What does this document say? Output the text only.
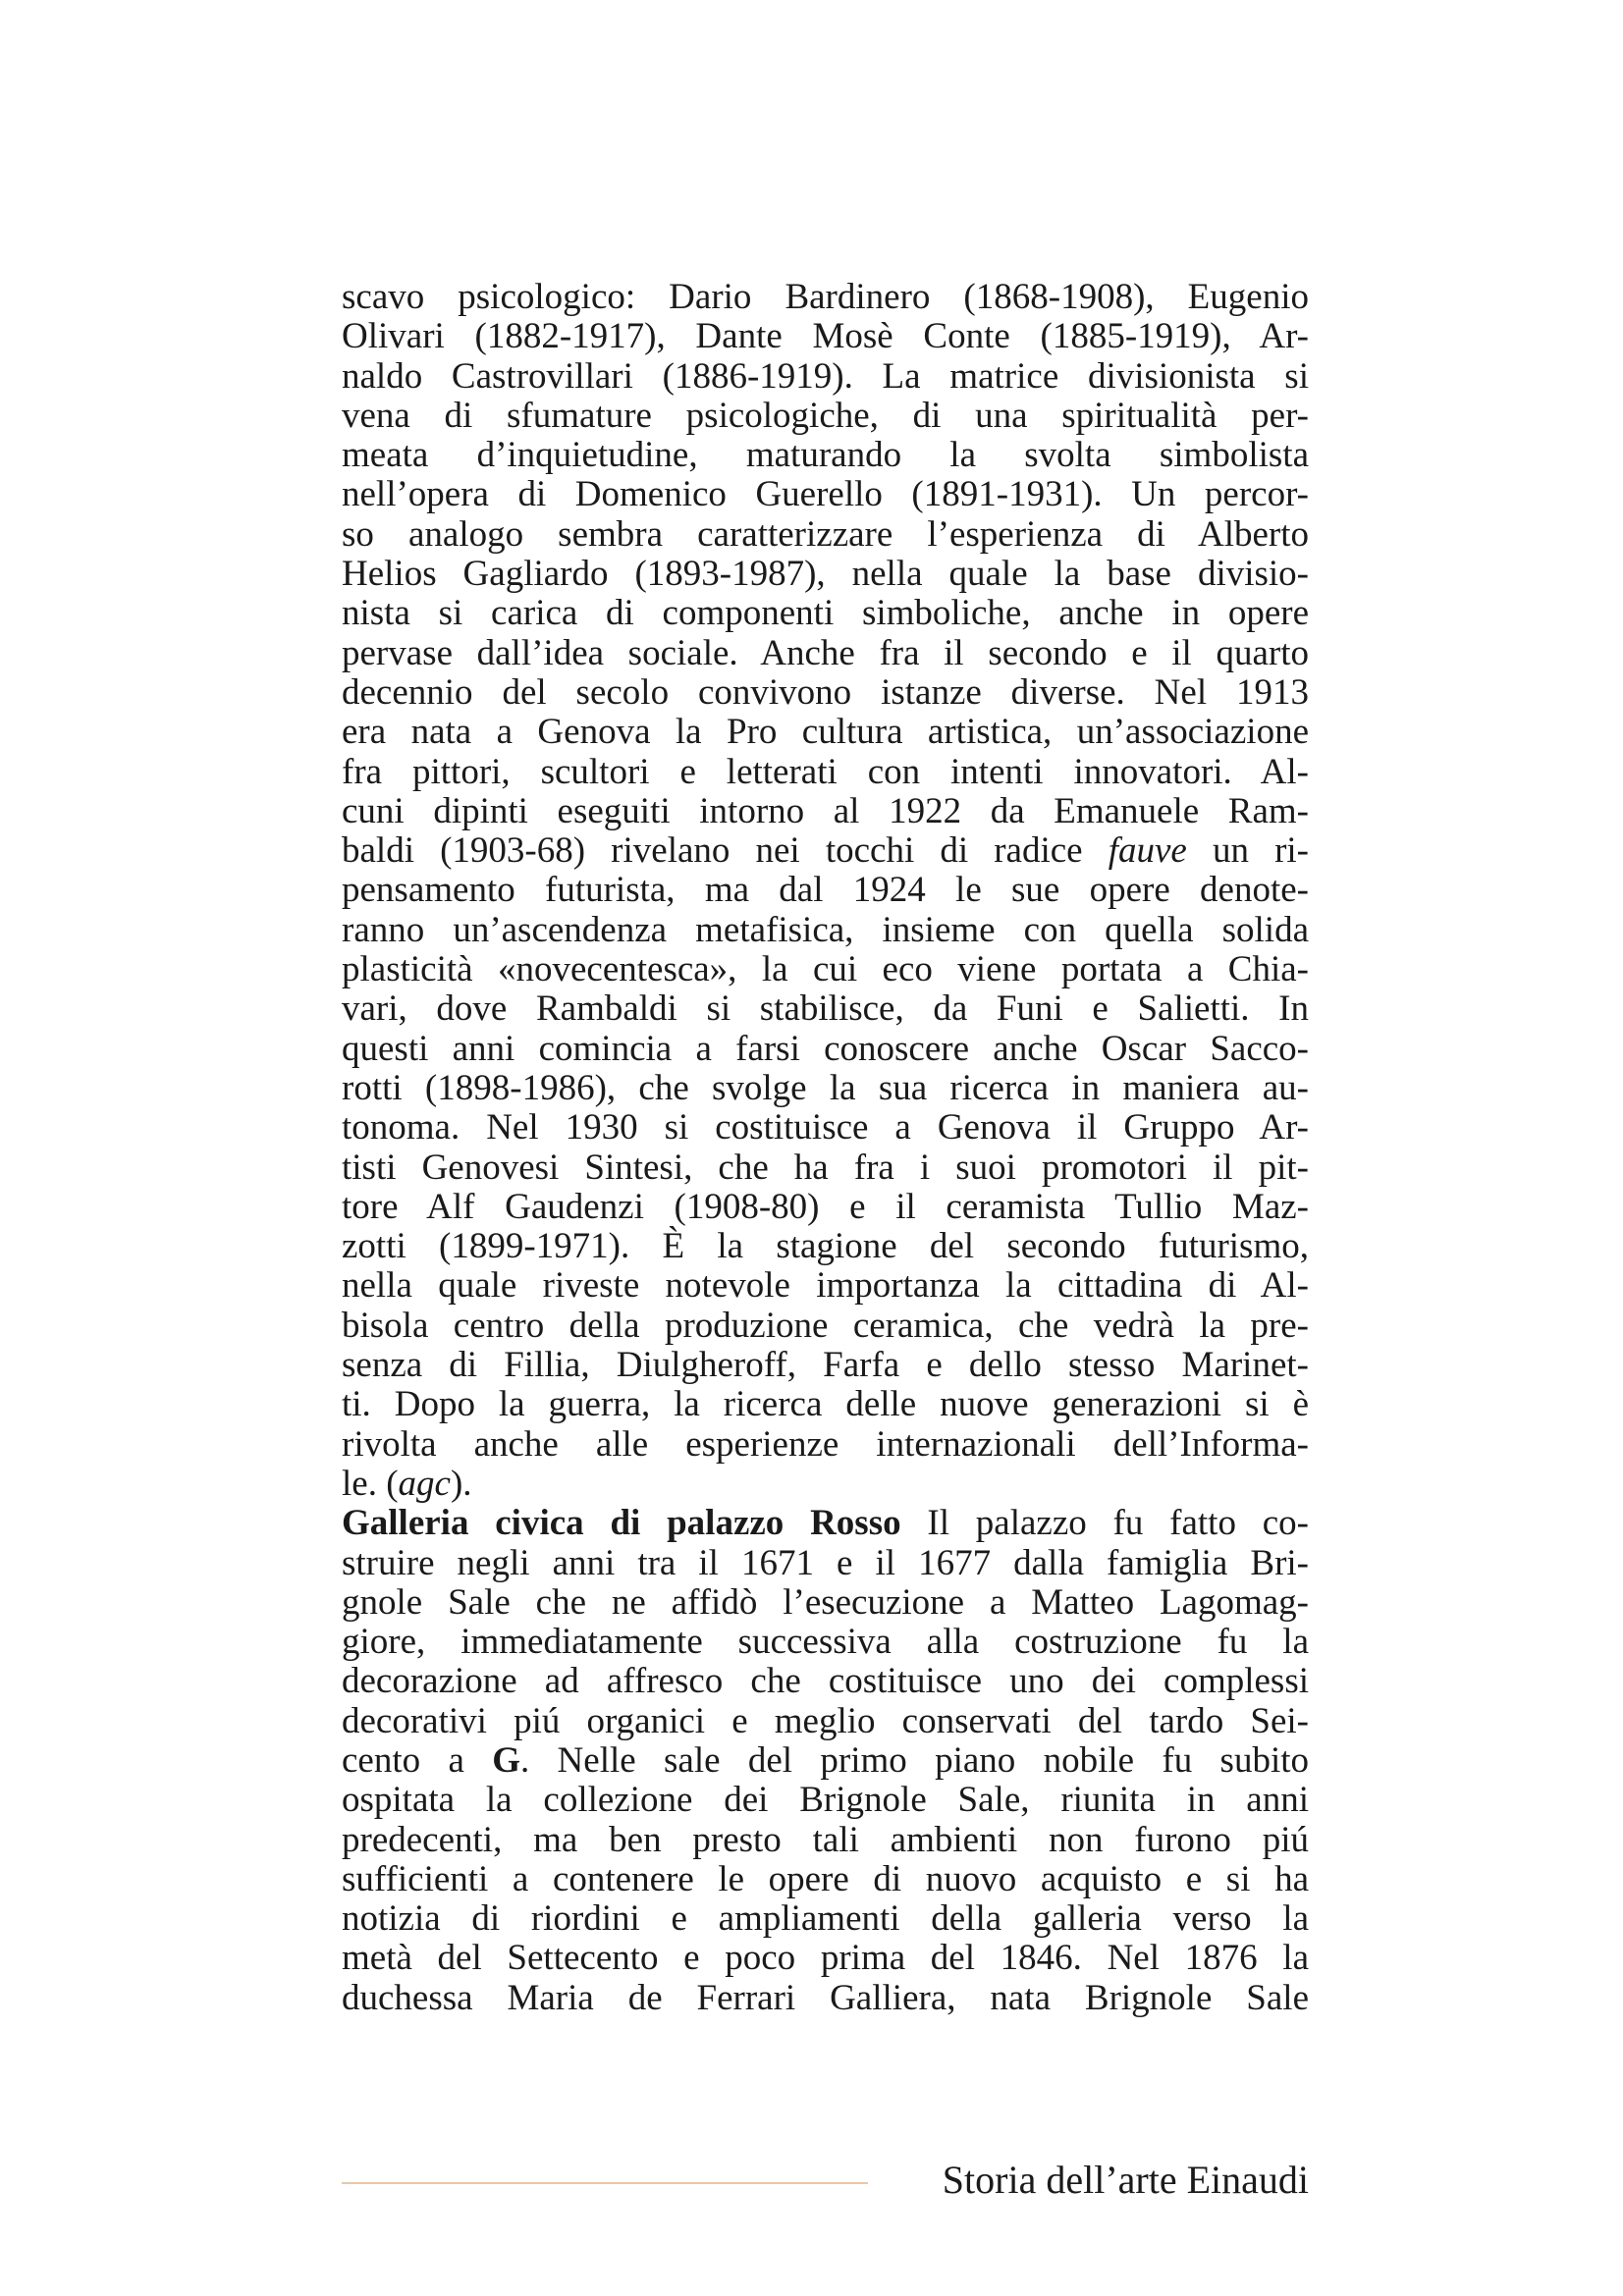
scavo psicologico: Dario Bardinero (1868-1908), Eugenio
Olivari (1882-1917), Dante Mosè Conte (1885-1919), Ar-
naldo Castrovillari (1886-1919). La matrice divisionista si
vena di sfumature psicologiche, di una spiritualità per-
meata d’inquietudine, maturando la svolta simbolista
nell’opera di Domenico Guerello (1891-1931). Un percor-
so analogo sembra caratterizzare l’esperienza di Alberto
Helios Gagliardo (1893-1987), nella quale la base divisio-
nista si carica di componenti simboliche, anche in opere
pervase dall’idea sociale. Anche fra il secondo e il quarto
decennio del secolo convivono istanze diverse. Nel 1913
era nata a Genova la Pro cultura artistica, un’associazione
fra pittori, scultori e letterati con intenti innovatori. Al-
cuni dipinti eseguiti intorno al 1922 da Emanuele Ram-
baldi (1903-68) rivelano nei tocchi di radice fauve un ri-
pensamento futurista, ma dal 1924 le sue opere denote-
ranno un’ascendenza metafisica, insieme con quella solida
plasticità «novecentesca», la cui eco viene portata a Chia-
vari, dove Rambaldi si stabilisce, da Funi e Salietti. In
questi anni comincia a farsi conoscere anche Oscar Sacco-
rotti (1898-1986), che svolge la sua ricerca in maniera au-
tonoma. Nel 1930 si costituisce a Genova il Gruppo Ar-
tisti Genovesi Sintesi, che ha fra i suoi promotori il pit-
tore Alf Gaudenzi (1908-80) e il ceramista Tullio Maz-
zotti (1899-1971). È la stagione del secondo futurismo,
nella quale riveste notevole importanza la cittadina di Al-
bisola centro della produzione ceramica, che vedrà la pre-
senza di Fillia, Diulgheroff, Farfa e dello stesso Marinet-
ti. Dopo la guerra, la ricerca delle nuove generazioni si è
rivolta anche alle esperienze internazionali dell’Informa-
le. (agc).
Galleria civica di palazzo Rosso Il palazzo fu fatto co-
struire negli anni tra il 1671 e il 1677 dalla famiglia Bri-
gnole Sale che ne affidò l’esecuzione a Matteo Lagomag-
giore, immediatamente successiva alla costruzione fu la
decorazione ad affresco che costituisce uno dei complessi
decorativi piú organici e meglio conservati del tardo Sei-
cento a G. Nelle sale del primo piano nobile fu subito
ospitata la collezione dei Brignole Sale, riunita in anni
predecenti, ma ben presto tali ambienti non furono piú
sufficienti a contenere le opere di nuovo acquisto e si ha
notizia di riordini e ampliamenti della galleria verso la
metà del Settecento e poco prima del 1846. Nel 1876 la
duchessa Maria de Ferrari Galliera, nata Brignole Sale
Storia dell’arte Einaudi
